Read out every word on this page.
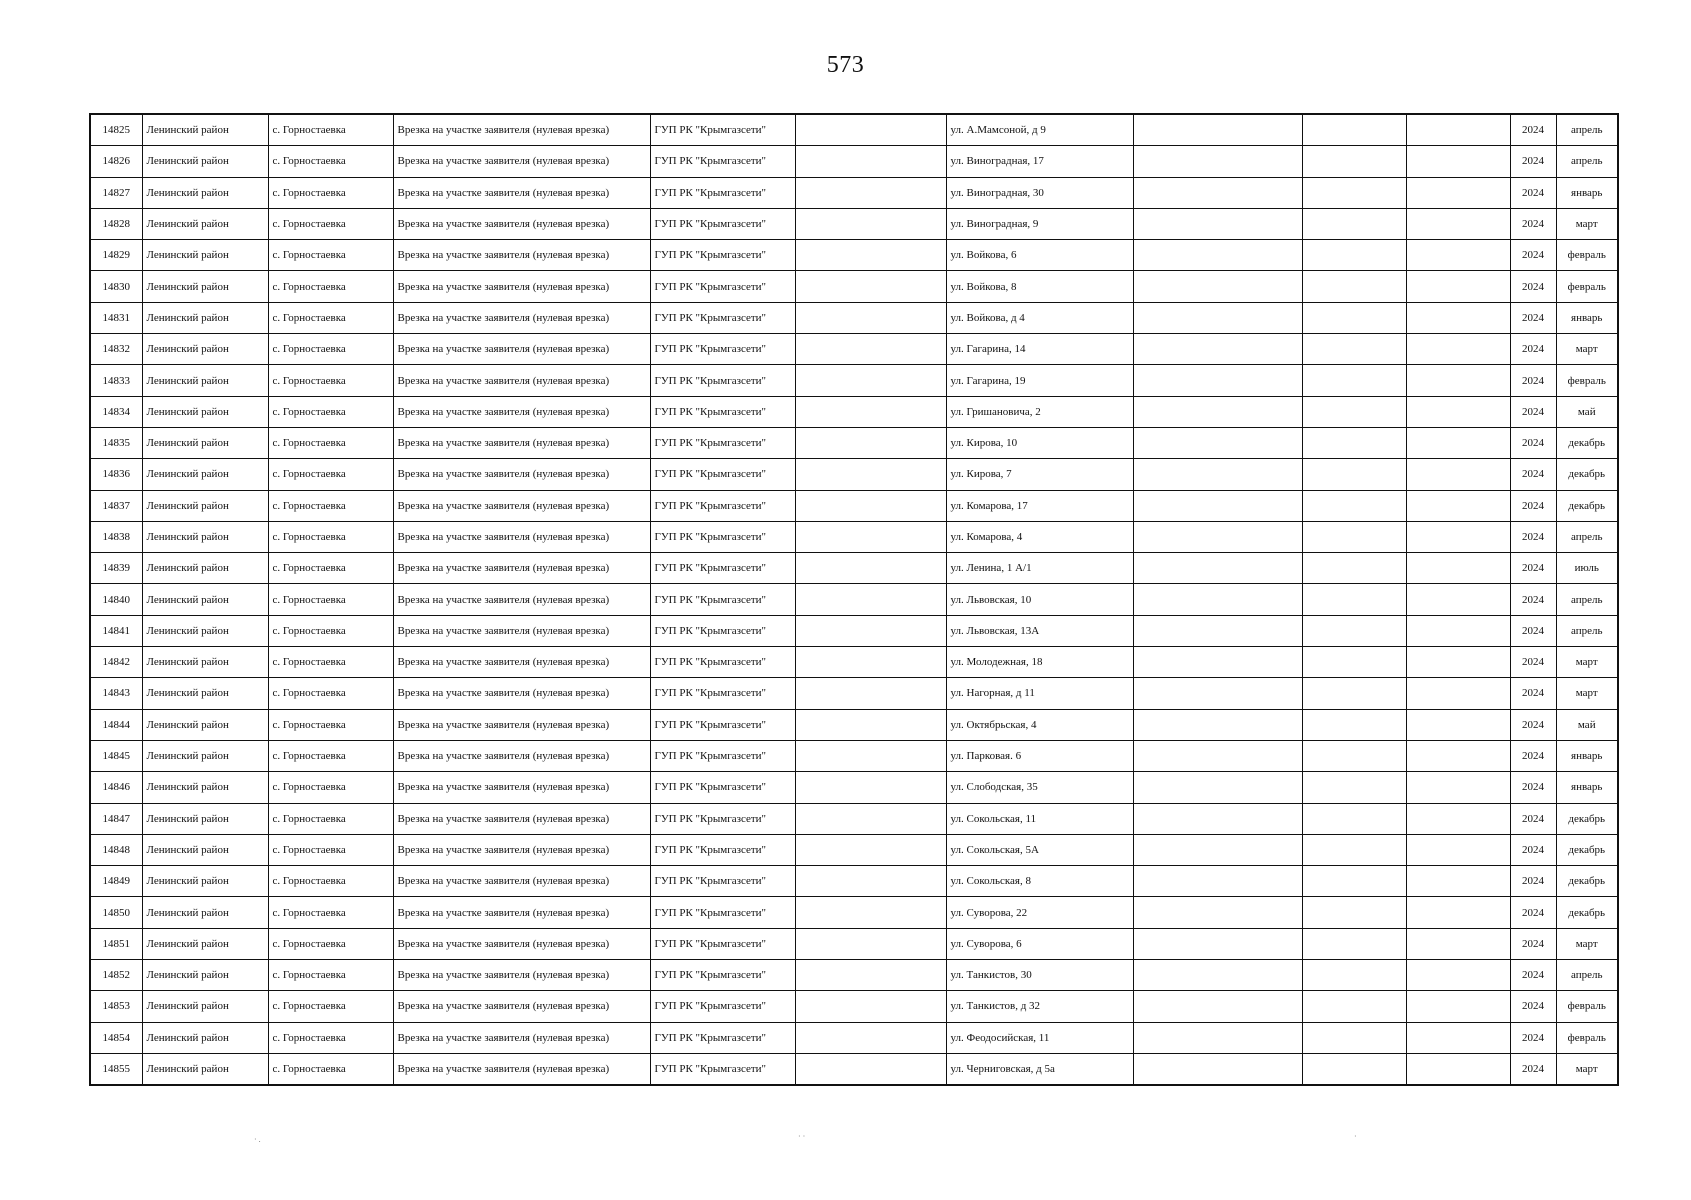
573
14825	Ленинский район	с. Горностаевка	Врезка на участке заявителя (нулевая врезка)	ГУП РК "Крымгазсети"		ул. А.Мамсоной, д 9				2024	апрель
14826	Ленинский район	с. Горностаевка	Врезка на участке заявителя (нулевая врезка)	ГУП РК "Крымгазсети"		ул. Виноградная, 17				2024	апрель
14827	Ленинский район	с. Горностаевка	Врезка на участке заявителя (нулевая врезка)	ГУП РК "Крымгазсети"		ул. Виноградная, 30				2024	январь
14828	Ленинский район	с. Горностаевка	Врезка на участке заявителя (нулевая врезка)	ГУП РК "Крымгазсети"		ул. Виноградная, 9				2024	март
14829	Ленинский район	с. Горностаевка	Врезка на участке заявителя (нулевая врезка)	ГУП РК "Крымгазсети"		ул. Войкова, 6				2024	февраль
14830	Ленинский район	с. Горностаевка	Врезка на участке заявителя (нулевая врезка)	ГУП РК "Крымгазсети"		ул. Войкова, 8				2024	февраль
14831	Ленинский район	с. Горностаевка	Врезка на участке заявителя (нулевая врезка)	ГУП РК "Крымгазсети"		ул. Войкова, д 4				2024	январь
14832	Ленинский район	с. Горностаевка	Врезка на участке заявителя (нулевая врезка)	ГУП РК "Крымгазсети"		ул. Гагарина, 14				2024	март
14833	Ленинский район	с. Горностаевка	Врезка на участке заявителя (нулевая врезка)	ГУП РК "Крымгазсети"		ул. Гагарина, 19				2024	февраль
14834	Ленинский район	с. Горностаевка	Врезка на участке заявителя (нулевая врезка)	ГУП РК "Крымгазсети"		ул. Гришановича, 2				2024	май
14835	Ленинский район	с. Горностаевка	Врезка на участке заявителя (нулевая врезка)	ГУП РК "Крымгазсети"		ул. Кирова, 10				2024	декабрь
14836	Ленинский район	с. Горностаевка	Врезка на участке заявителя (нулевая врезка)	ГУП РК "Крымгазсети"		ул. Кирова, 7				2024	декабрь
14837	Ленинский район	с. Горностаевка	Врезка на участке заявителя (нулевая врезка)	ГУП РК "Крымгазсети"		ул. Комарова, 17				2024	декабрь
14838	Ленинский район	с. Горностаевка	Врезка на участке заявителя (нулевая врезка)	ГУП РК "Крымгазсети"		ул. Комарова, 4				2024	апрель
14839	Ленинский район	с. Горностаевка	Врезка на участке заявителя (нулевая врезка)	ГУП РК "Крымгазсети"		ул. Ленина, 1 А/1				2024	июль
14840	Ленинский район	с. Горностаевка	Врезка на участке заявителя (нулевая врезка)	ГУП РК "Крымгазсети"		ул. Львовская, 10				2024	апрель
14841	Ленинский район	с. Горностаевка	Врезка на участке заявителя (нулевая врезка)	ГУП РК "Крымгазсети"		ул. Львовская, 13А				2024	апрель
14842	Ленинский район	с. Горностаевка	Врезка на участке заявителя (нулевая врезка)	ГУП РК "Крымгазсети"		ул. Молодежная, 18				2024	март
14843	Ленинский район	с. Горностаевка	Врезка на участке заявителя (нулевая врезка)	ГУП РК "Крымгазсети"		ул. Нагорная, д 11				2024	март
14844	Ленинский район	с. Горностаевка	Врезка на участке заявителя (нулевая врезка)	ГУП РК "Крымгазсети"		ул. Октябрьская, 4				2024	май
14845	Ленинский район	с. Горностаевка	Врезка на участке заявителя (нулевая врезка)	ГУП РК "Крымгазсети"		ул. Парковая. 6				2024	январь
14846	Ленинский район	с. Горностаевка	Врезка на участке заявителя (нулевая врезка)	ГУП РК "Крымгазсети"		ул. Слободская, 35				2024	январь
14847	Ленинский район	с. Горностаевка	Врезка на участке заявителя (нулевая врезка)	ГУП РК "Крымгазсети"		ул. Сокольская, 11				2024	декабрь
14848	Ленинский район	с. Горностаевка	Врезка на участке заявителя (нулевая врезка)	ГУП РК "Крымгазсети"		ул. Сокольская, 5А				2024	декабрь
14849	Ленинский район	с. Горностаевка	Врезка на участке заявителя (нулевая врезка)	ГУП РК "Крымгазсети"		ул. Сокольская, 8				2024	декабрь
14850	Ленинский район	с. Горностаевка	Врезка на участке заявителя (нулевая врезка)	ГУП РК "Крымгазсети"		ул. Суворова, 22				2024	декабрь
14851	Ленинский район	с. Горностаевка	Врезка на участке заявителя (нулевая врезка)	ГУП РК "Крымгазсети"		ул. Суворова, 6				2024	март
14852	Ленинский район	с. Горностаевка	Врезка на участке заявителя (нулевая врезка)	ГУП РК "Крымгазсети"		ул. Танкистов, 30				2024	апрель
14853	Ленинский район	с. Горностаевка	Врезка на участке заявителя (нулевая врезка)	ГУП РК "Крымгазсети"		ул. Танкистов, д 32				2024	февраль
14854	Ленинский район	с. Горностаевка	Врезка на участке заявителя (нулевая врезка)	ГУП РК "Крымгазсети"		ул. Феодосийская, 11				2024	февраль
14855	Ленинский район	с. Горностаевка	Врезка на участке заявителя (нулевая врезка)	ГУП РК "Крымгазсети"		ул. Черниговская, д 5а				2024	март
· .	· ·	·
